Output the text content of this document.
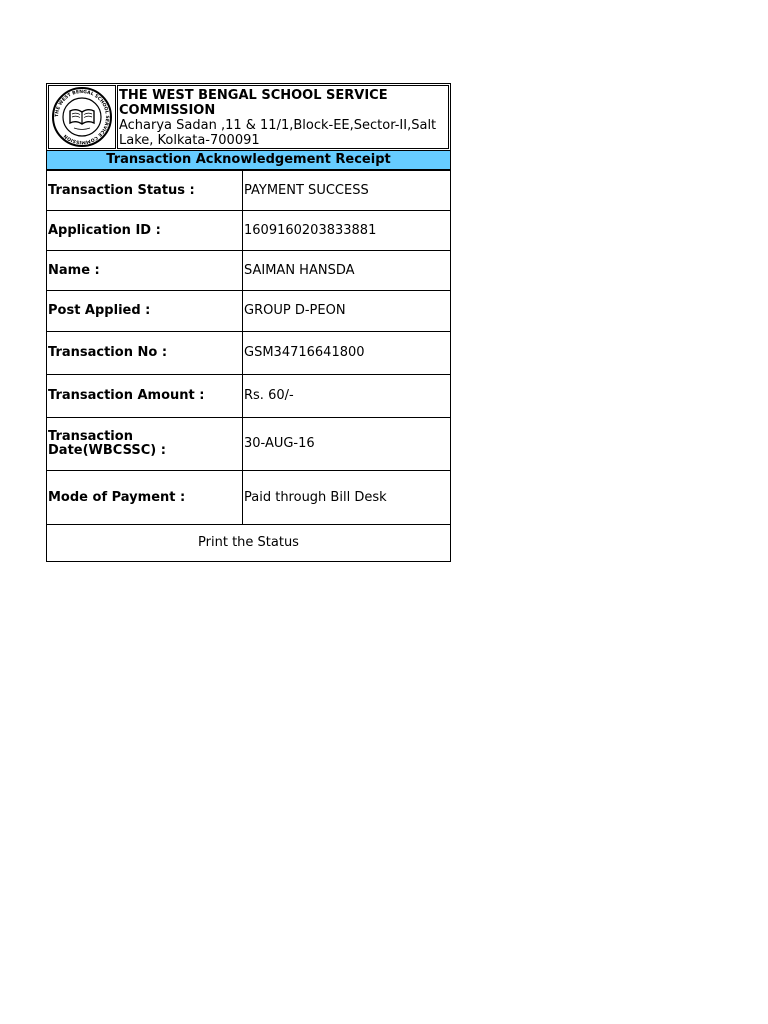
THE WEST BENGAL SCHOOL SERVICE COMMISSION
THE WEST BENGAL SCHOOL SERVICE COMMISSION
Acharya Sadan ,11 & 11/1,Block-EE,Sector-II,Salt Lake, Kolkata-700091
Transaction Acknowledgement Receipt
Transaction Status :	PAYMENT SUCCESS
Application ID :	1609160203833881
Name :	SAIMAN HANSDA
Post Applied :	GROUP D-PEON
Transaction No :	GSM34716641800
Transaction Amount :	Rs. 60/-
Transaction Date(WBCSSC) :	30-AUG-16
Mode of Payment :	Paid through Bill Desk
Print the Status	
